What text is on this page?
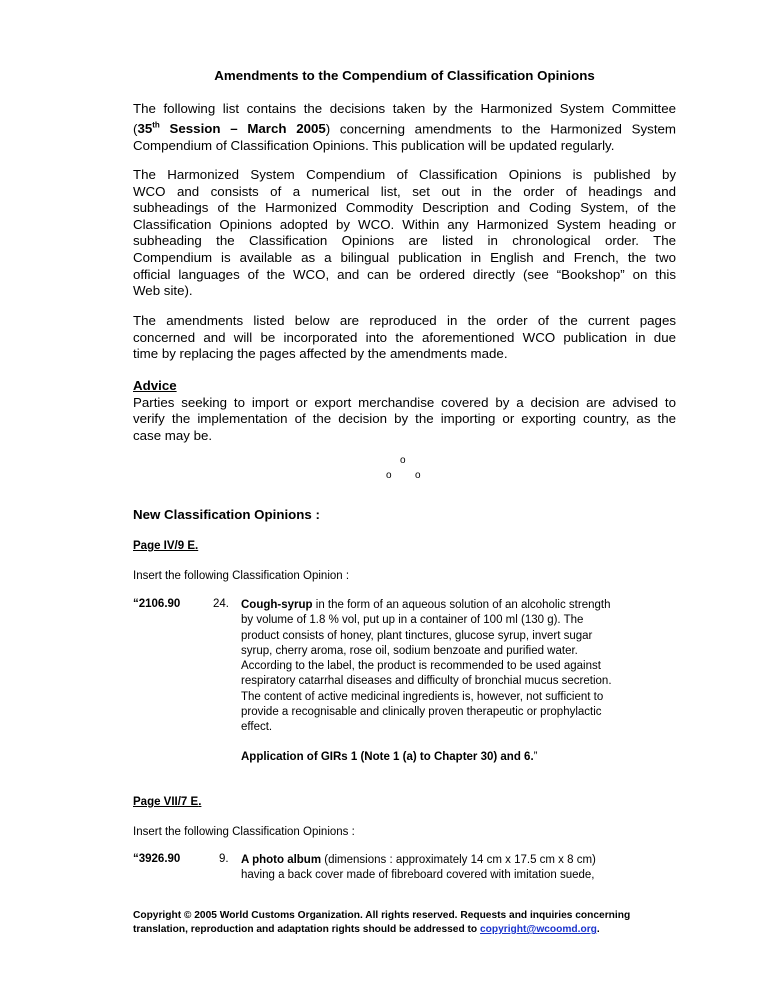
Amendments to the Compendium of Classification Opinions
The following list contains the decisions taken by the Harmonized System Committee
(35th Session – March 2005) concerning amendments to the Harmonized System
Compendium of Classification Opinions. This publication will be updated regularly.
The Harmonized System Compendium of Classification Opinions is published by
WCO and consists of a numerical list, set out in the order of headings and
subheadings of the Harmonized Commodity Description and Coding System, of the
Classification Opinions adopted by WCO. Within any Harmonized System heading or
subheading the Classification Opinions are listed in chronological order. The
Compendium is available as a bilingual publication in English and French, the two
official languages of the WCO, and can be ordered directly (see “Bookshop” on this
Web site).
The amendments listed below are reproduced in the order of the current pages
concerned and will be incorporated into the aforementioned WCO publication in due
time by replacing the pages affected by the amendments made.
Advice
Parties seeking to import or export merchandise covered by a decision are advised to
verify the implementation of the decision by the importing or exporting country, as the
case may be.
o
o o
New Classification Opinions :
Page IV/9 E.
Insert the following Classification Opinion :
“2106.90	24. Cough-syrup in the form of an aqueous solution of an alcoholic strength
by volume of 1.8 % vol, put up in a container of 100 ml (130 g). The
product consists of honey, plant tinctures, glucose syrup, invert sugar
syrup, cherry aroma, rose oil, sodium benzoate and purified water.
According to the label, the product is recommended to be used against
respiratory catarrhal diseases and difficulty of bronchial mucus secretion.
The content of active medicinal ingredients is, however, not sufficient to
provide a recognisable and clinically proven therapeutic or prophylactic
effect.
Application of GIRs 1 (Note 1 (a) to Chapter 30) and 6.”
Page VII/7 E.
Insert the following Classification Opinions :
“3926.90	9. A photo album (dimensions : approximately 14 cm x 17.5 cm x 8 cm)
having a back cover made of fibreboard covered with imitation suede,
Copyright © 2005 World Customs Organization. All rights reserved. Requests and inquiries concerning
translation, reproduction and adaptation rights should be addressed to copyright@wcoomd.org.
